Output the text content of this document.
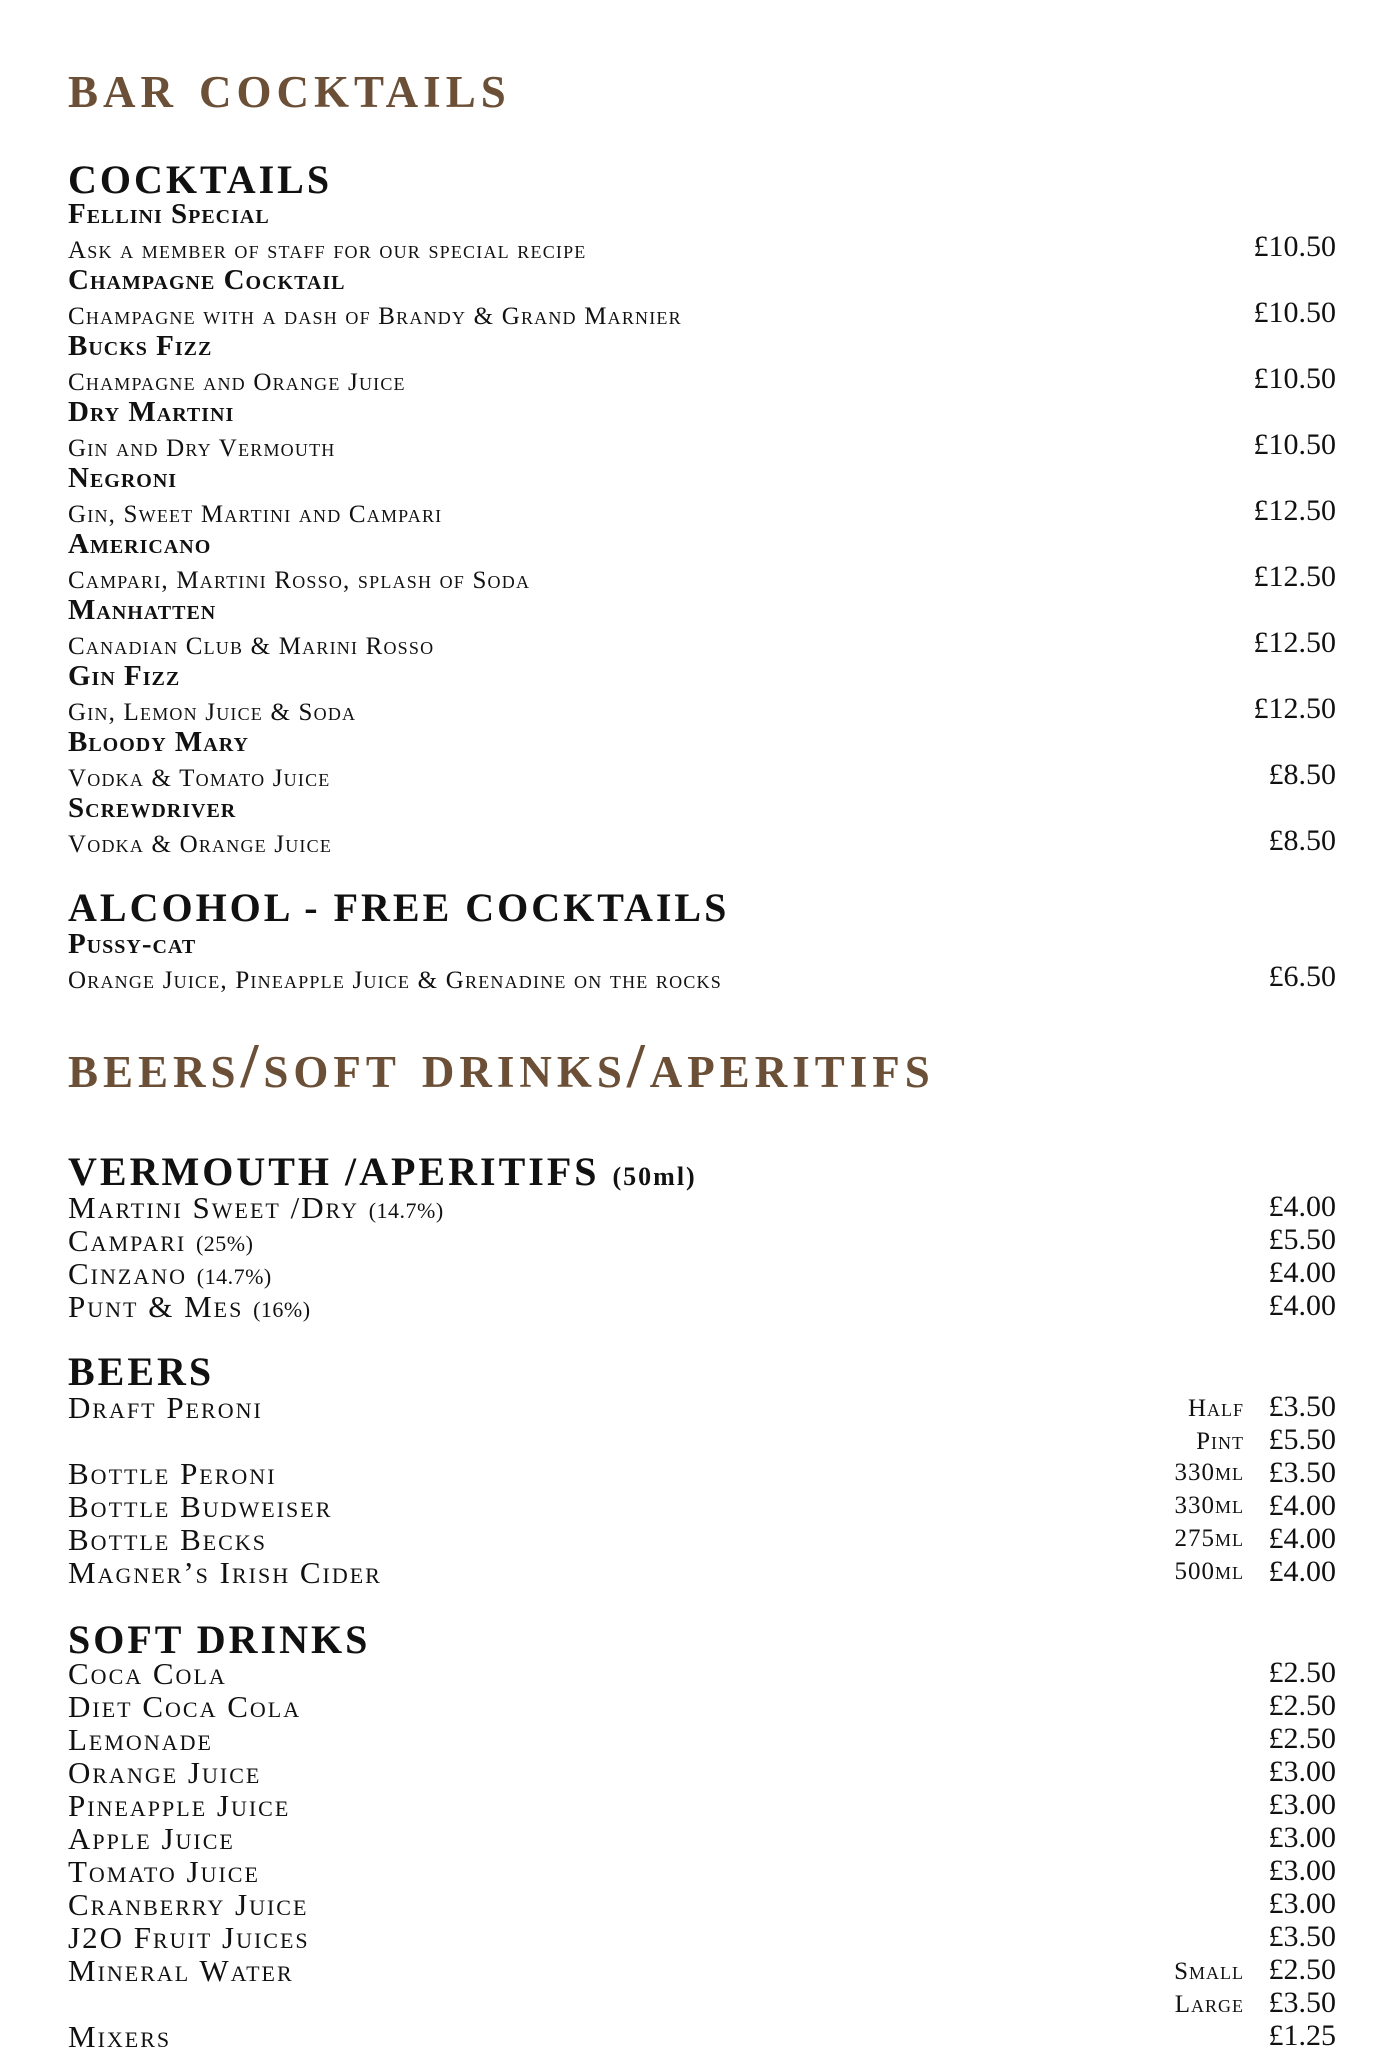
bar cocktails
COCKTAILS
Fellini Special
Ask a member of staff for our special recipe	£10.50
Champagne Cocktail
Champagne with a dash of Brandy & Grand Marnier	£10.50
Bucks Fizz
Champagne and Orange Juice	£10.50
Dry Martini
Gin and Dry Vermouth	£10.50
Negroni
Gin, Sweet Martini and Campari	£12.50
Americano
Campari, Martini Rosso, splash of Soda	£12.50
Manhatten
Canadian Club & Marini Rosso	£12.50
Gin Fizz
Gin, Lemon Juice & Soda	£12.50
Bloody Mary
Vodka & Tomato Juice	£8.50
Screwdriver
Vodka & Orange Juice	£8.50
ALCOHOL - FREE COCKTAILS
Pussy-cat
Orange Juice, Pineapple Juice & Grenadine on the rocks	£6.50
beers/soft drinks/aperitifs
VERMOUTH /APERITIFS (50ml)
Martini Sweet /Dry (14.7%)	£4.00
Campari (25%)	£5.50
Cinzano (14.7%)	£4.00
Punt & Mes (16%)	£4.00
BEERS
Draft Peroni	Half £3.50
Pint £5.50
Bottle Peroni	330ml £3.50
Bottle Budweiser	330ml £4.00
Bottle Becks	275ml £4.00
Magner’s Irish Cider	500ml £4.00
SOFT DRINKS
Coca Cola	£2.50
Diet Coca Cola	£2.50
Lemonade	£2.50
Orange Juice	£3.00
Pineapple Juice	£3.00
Apple Juice	£3.00
Tomato Juice	£3.00
Cranberry Juice	£3.00
J2O Fruit Juices	£3.50
Mineral Water	Small £2.50
Large £3.50
Mixers	£1.25
